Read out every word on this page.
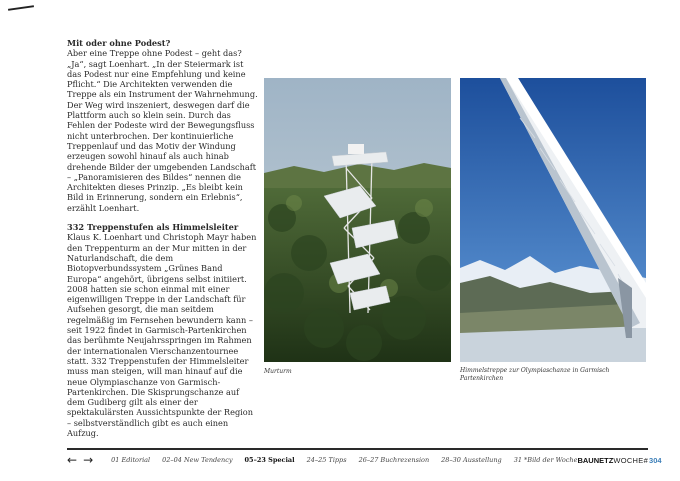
Mit oder ohne Podest?

Aber eine Treppe ohne Podest – geht das? „Ja“, sagt Loenhart. „In der Steiermark ist das Podest nur eine Empfehlung und keine Pflicht.“ Die Architekten verwenden die Treppe als ein Instrument der Wahrnehmung. Der Weg wird inszeniert, deswegen darf die Plattform auch so klein sein. Durch das Fehlen der Podeste wird der Bewegungsfluss nicht unterbrochen. Der kontinuierliche Treppenlauf und das Motiv der Windung erzeugen sowohl hinauf als auch hinab drehende Bilder der umgebenden Landschaft – „Panoramisieren des Bildes“ nennen die Architekten dieses Prinzip. „Es bleibt kein Bild in Erinnerung, sondern ein Erlebnis“, erzählt Loenhart.

332 Treppenstufen als Himmelsleiter

Klaus K. Loenhart und Christoph Mayr haben den Treppenturm an der Mur mitten in der Naturlandschaft, die dem Biotopverbundssystem „Grünes Band Europa“ angehört, übrigens selbst initiiert. 2008 hatten sie schon einmal mit einer eigenwilligen Treppe in der Landschaft für Aufsehen gesorgt, die man seitdem regelmäßig im Fernsehen bewundern kann – seit 1922 findet in Garmisch-Partenkirchen das berühmte Neujahrsspringen im Rahmen der internationalen Vierschanzentournee statt. 332 Treppenstufen der Himmelsleiter muss man steigen, will man hinauf auf die neue Olympiaschanze von Garmisch-Partenkirchen. Die Skisprungschanze auf dem Gudiberg gilt als einer der spektakulärsten Aussichtspunkte der Region – selbstverständlich gibt es auch einen Aufzug.

Murturm	Himmelstreppe zur Olympiaschanze in Garmisch Partenkirchen
← →	01 Editorial 02–04 New Tendency 05–23 Special 24–25 Tipps 26–27 Buchrezension 28–30 Ausstellung 31 *Bild der Woche BAUNETZWOCHE#304
